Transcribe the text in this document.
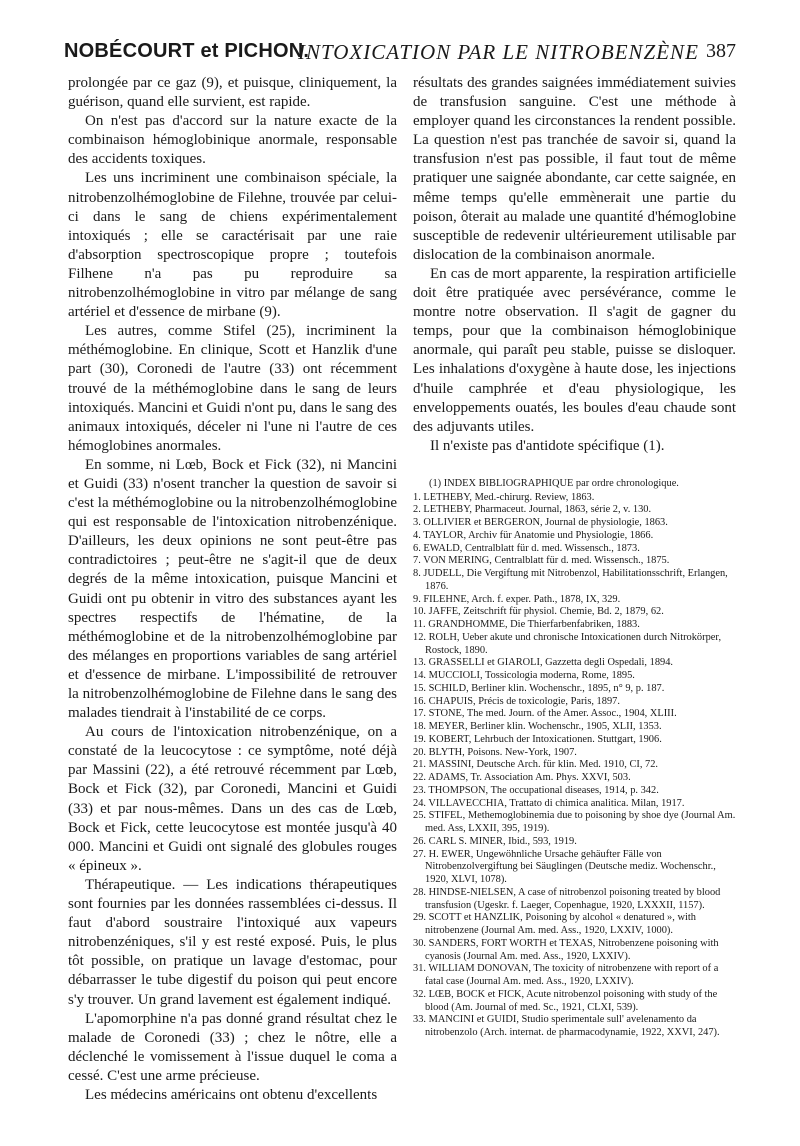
NOBÉCOURT et PICHON.
INTOXICATION PAR LE NITROBENZÈNE 387

prolongée par ce gaz (9), et puisque, cliniquement, la guérison, quand elle survient, est rapide.

On n'est pas d'accord sur la nature exacte de la combinaison hémoglobinique anormale, responsable des accidents toxiques.

Les uns incriminent une combinaison spéciale, la nitrobenzolhémoglobine de Filehne, trouvée par celui-ci dans le sang de chiens expérimentalement intoxiqués ; elle se caractérisait par une raie d'absorption spectroscopique propre ; toutefois Filhene n'a pas pu reproduire sa nitrobenzolhémoglobine in vitro par mélange de sang artériel et d'essence de mirbane (9).

Les autres, comme Stifel (25), incriminent la méthémoglobine. En clinique, Scott et Hanzlik d'une part (30), Coronedi de l'autre (33) ont récemment trouvé de la méthémoglobine dans le sang de leurs intoxiqués. Mancini et Guidi n'ont pu, dans le sang des animaux intoxiqués, déceler ni l'une ni l'autre de ces hémoglobines anormales.

En somme, ni Lœb, Bock et Fick (32), ni Mancini et Guidi (33) n'osent trancher la question de savoir si c'est la méthémoglobine ou la nitrobenzolhémoglobine qui est responsable de l'intoxication nitrobenzénique. D'ailleurs, les deux opinions ne sont peut-être pas contradictoires ; peut-être ne s'agit-il que de deux degrés de la même intoxication, puisque Mancini et Guidi ont pu obtenir in vitro des substances ayant les spectres respectifs de l'hématine, de la méthémoglobine et de la nitrobenzolhémoglobine par des mélanges en proportions variables de sang artériel et d'essence de mirbane. L'impossibilité de retrouver la nitrobenzolhémoglobine de Filehne dans le sang des malades tiendrait à l'instabilité de ce corps.

Au cours de l'intoxication nitrobenzénique, on a constaté de la leucocytose : ce symptôme, noté déjà par Massini (22), a été retrouvé récemment par Lœb, Bock et Fick (32), par Coronedi, Mancini et Guidi (33) et par nous-mêmes. Dans un des cas de Lœb, Bock et Fick, cette leucocytose est montée jusqu'à 40 000. Mancini et Guidi ont signalé des globules rouges « épineux ».

Thérapeutique. — Les indications thérapeutiques sont fournies par les données rassemblées ci-dessus. Il faut d'abord soustraire l'intoxiqué aux vapeurs nitrobenzéniques, s'il y est resté exposé. Puis, le plus tôt possible, on pratique un lavage d'estomac, pour débarrasser le tube digestif du poison qui peut encore s'y trouver. Un grand lavement est également indiqué.

L'apomorphine n'a pas donné grand résultat chez le malade de Coronedi (33) ; chez le nôtre, elle a déclenché le vomissement à l'issue duquel le coma a cessé. C'est une arme précieuse.

Les médecins américains ont obtenu d'excellents

résultats des grandes saignées immédiatement suivies de transfusion sanguine. C'est une méthode à employer quand les circonstances la rendent possible. La question n'est pas tranchée de savoir si, quand la transfusion n'est pas possible, il faut tout de même pratiquer une saignée abondante, car cette saignée, en même temps qu'elle emmènerait une partie du poison, ôterait au malade une quantité d'hémoglobine susceptible de redevenir ultérieurement utilisable par dislocation de la combinaison anormale.

En cas de mort apparente, la respiration artificielle doit être pratiquée avec persévérance, comme le montre notre observation. Il s'agit de gagner du temps, pour que la combinaison hémoglobinique anormale, qui paraît peu stable, puisse se disloquer. Les inhalations d'oxygène à haute dose, les injections d'huile camphrée et d'eau physiologique, les enveloppements ouatés, les boules d'eau chaude sont des adjuvants utiles.

Il n'existe pas d'antidote spécifique (1).

(1) INDEX BIBLIOGRAPHIQUE par ordre chronologique.

1. LETHEBY, Med.-chirurg. Review, 1863.

2. LETHEBY, Pharmaceut. Journal, 1863, série 2, v. 130.

3. OLLIVIER et BERGERON, Journal de physiologie, 1863.

4. TAYLOR, Archiv für Anatomie und Physiologie, 1866.

6. EWALD, Centralblatt für d. med. Wissensch., 1873.

7. VON MERING, Centralblatt für d. med. Wissensch., 1875.

8. JUDELL, Die Vergiftung mit Nitrobenzol, Habilitationsschrift, Erlangen, 1876.

9. FILEHNE, Arch. f. exper. Path., 1878, IX, 329.

10. JAFFE, Zeitschrift für physiol. Chemie, Bd. 2, 1879, 62.

11. GRANDHOMME, Die Thierfarbenfabriken, 1883.

12. ROLH, Ueber akute und chronische Intoxicationen durch Nitrokörper, Rostock, 1890.

13. GRASSELLI et GIAROLI, Gazzetta degli Ospedali, 1894.

14. MUCCIOLI, Tossicologia moderna, Rome, 1895.

15. SCHILD, Berliner klin. Wochenschr., 1895, n° 9, p. 187.

16. CHAPUIS, Précis de toxicologie, Paris, 1897.

17. STONE, The med. Journ. of the Amer. Assoc., 1904, XLIII.

18. MEYER, Berliner klin. Wochenschr., 1905, XLII, 1353.

19. KOBERT, Lehrbuch der Intoxicationen. Stuttgart, 1906.

20. BLYTH, Poisons. New-York, 1907.

21. MASSINI, Deutsche Arch. für klin. Med. 1910, CI, 72.

22. ADAMS, Tr. Association Am. Phys. XXVI, 503.

23. THOMPSON, The occupational diseases, 1914, p. 342.

24. VILLAVECCHIA, Trattato di chimica analitica. Milan, 1917.

25. STIFEL, Methemoglobinemia due to poisoning by shoe dye (Journal Am. med. Ass, LXXII, 395, 1919).

26. CARL S. MINER, Ibid., 593, 1919.

27. H. EWER, Ungewöhnliche Ursache gehäufter Fälle von Nitrobenzolvergiftung bei Säuglingen (Deutsche mediz. Wochenschr., 1920, XLVI, 1078).

28. HINDSE-NIELSEN, A case of nitrobenzol poisoning treated by blood transfusion (Ugeskr. f. Laeger, Copenhague, 1920, LXXXII, 1157).

29. SCOTT et HANZLIK, Poisoning by alcohol « denatured », with nitrobenzene (Journal Am. med. Ass., 1920, LXXIV, 1000).

30. SANDERS, FORT WORTH et TEXAS, Nitrobenzene poisoning with cyanosis (Journal Am. med. Ass., 1920, LXXIV).

31. WILLIAM DONOVAN, The toxicity of nitrobenzene with report of a fatal case (Journal Am. med. Ass., 1920, LXXIV).

32. LŒB, BOCK et FICK, Acute nitrobenzol poisoning with study of the blood (Am. Journal of med. Sc., 1921, CLXI, 539).

33. MANCINI et GUIDI, Studio sperimentale sull' avelenamento da nitrobenzolo (Arch. internat. de pharmacodynamie, 1922, XXVI, 247).
